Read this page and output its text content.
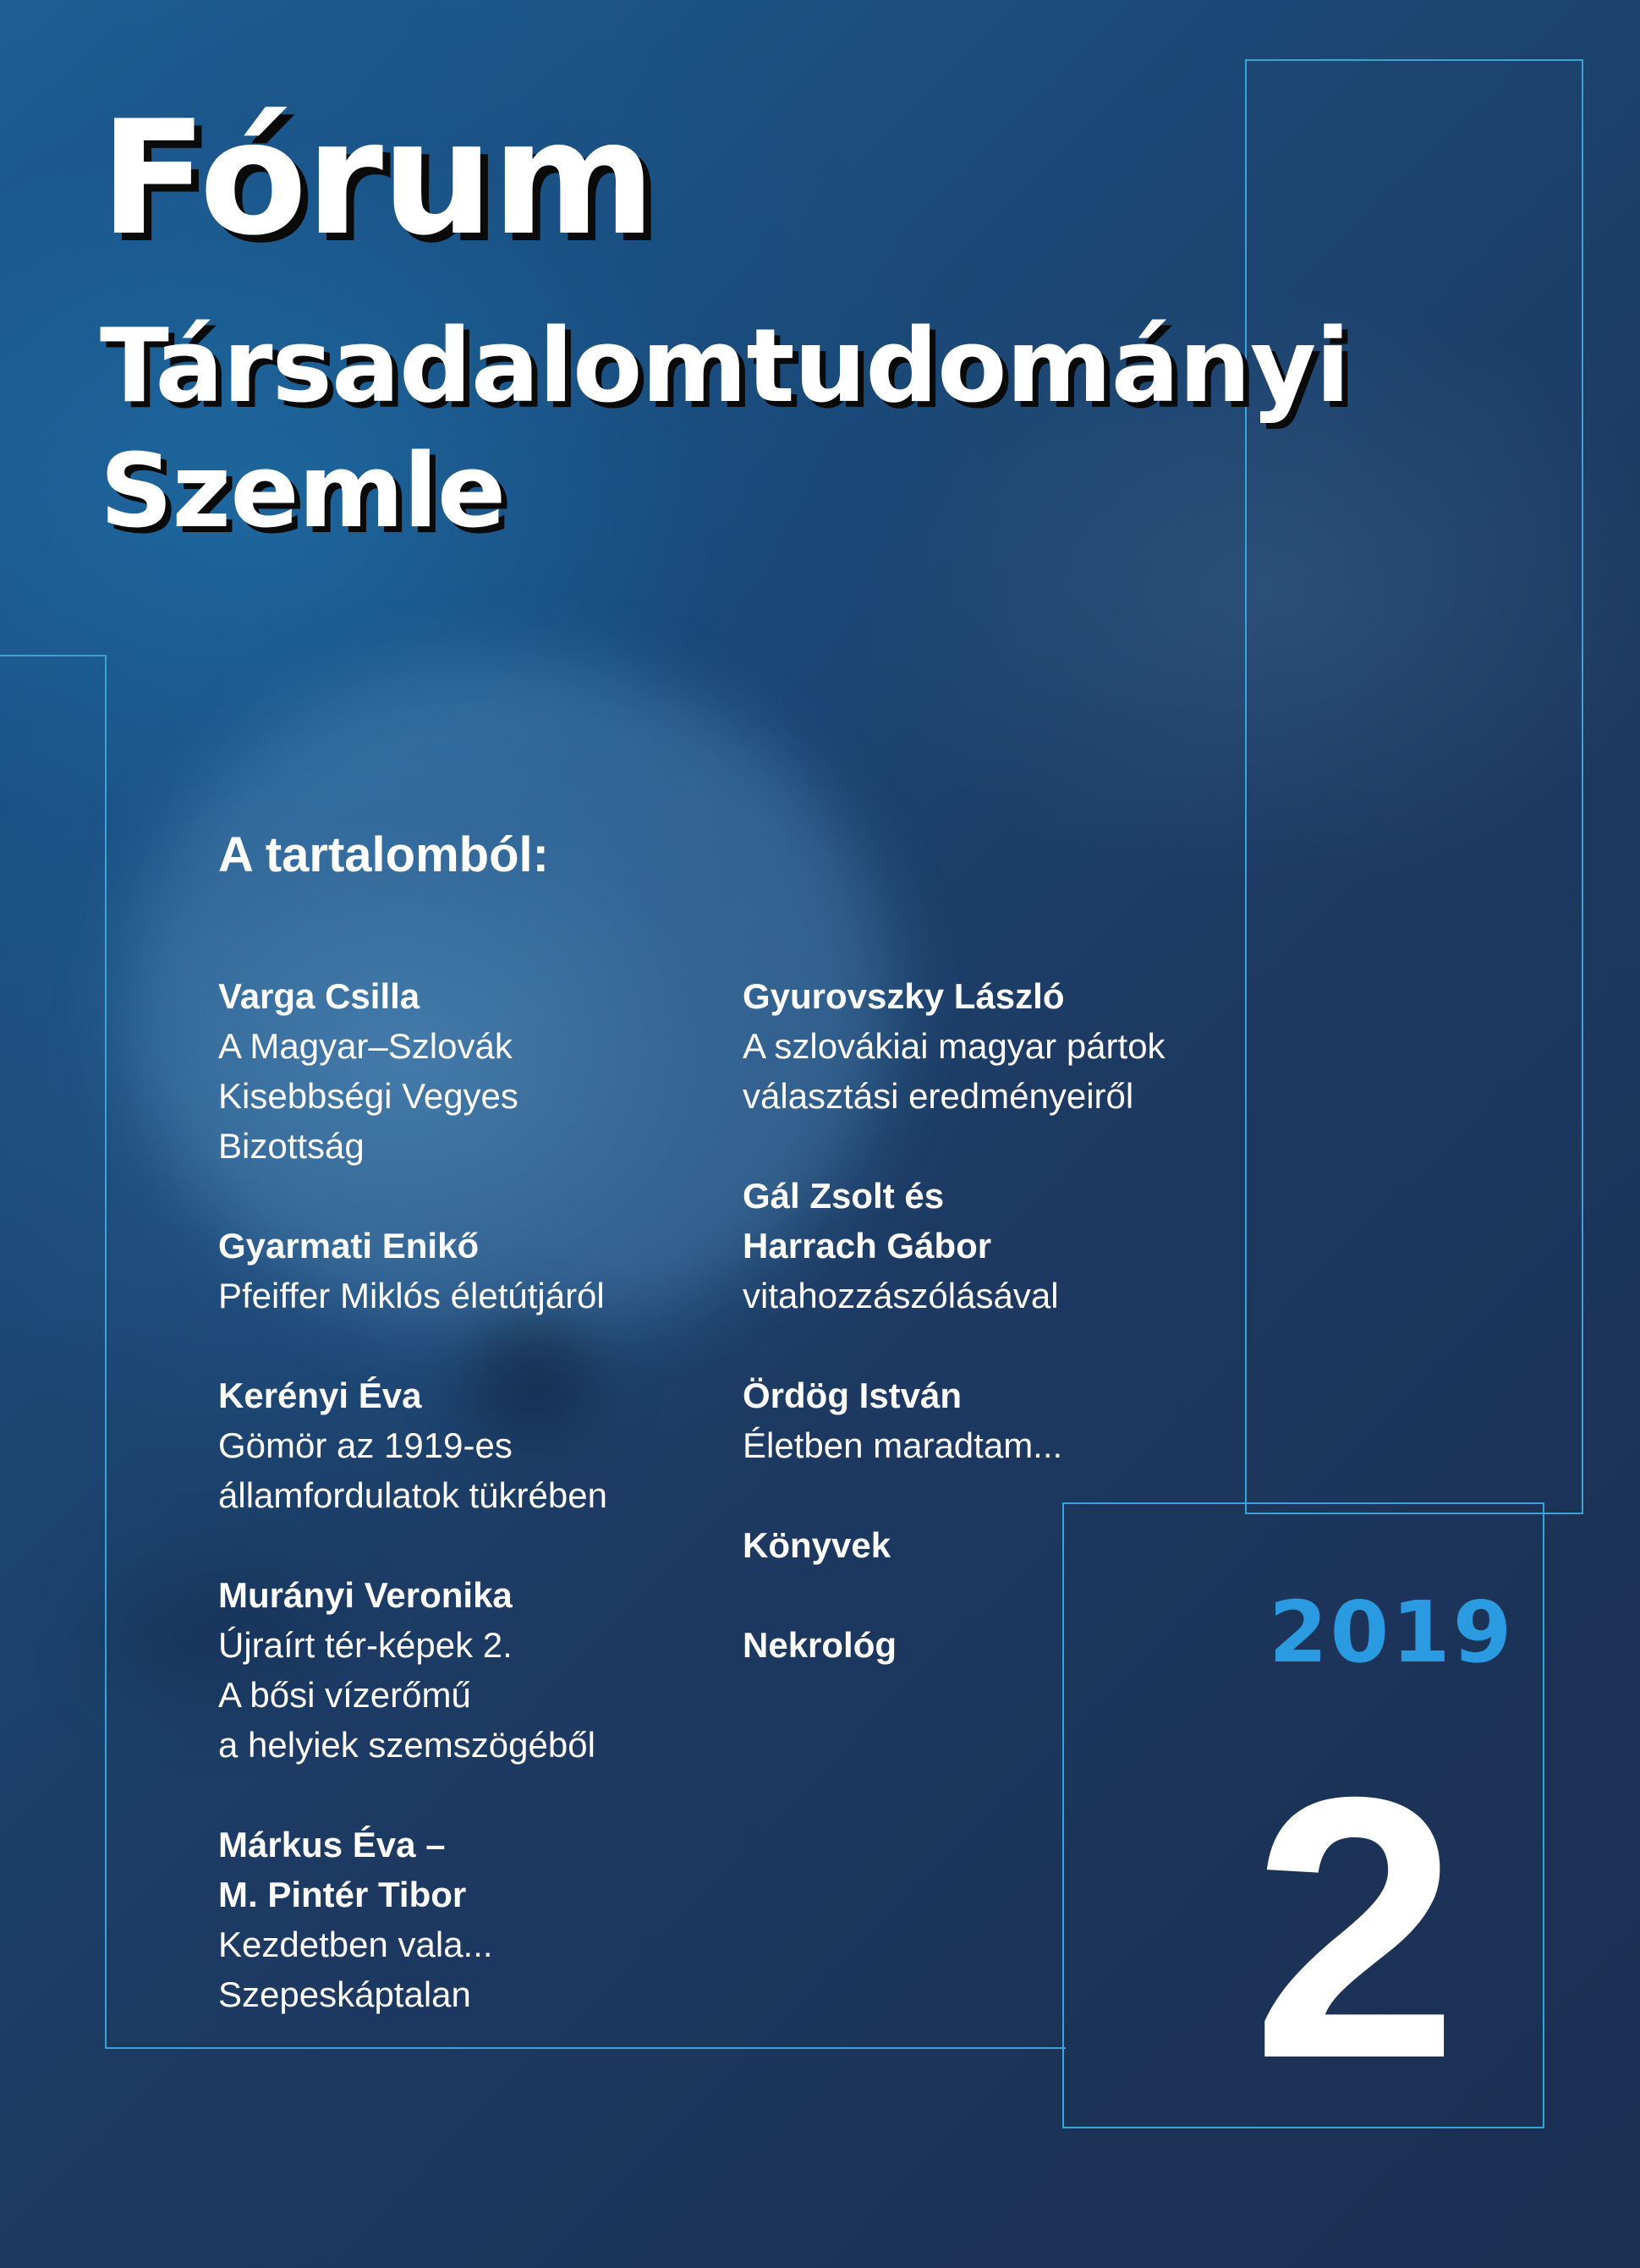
Fórum
Társadalomtudományi
Szemle
A tartalomból:
Varga Csilla
A Magyar–Szlovák
Kisebbségi Vegyes
Bizottság
Gyarmati Enikő
Pfeiffer Miklós életútjáról
Kerényi Éva
Gömör az 1919-es
államfordulatok tükrében
Murányi Veronika
Újraírt tér-képek 2.
A bősi vízerőmű
a helyiek szemszögéből
Márkus Éva –
M. Pintér Tibor
Kezdetben vala...
Szepeskáptalan
Gyurovszky László
A szlovákiai magyar pártok
választási eredményeiről
Gál Zsolt és
Harrach Gábor
vitahozzászólásával
Ördög István
Életben maradtam...
Könyvek
Nekrológ	2019
2
